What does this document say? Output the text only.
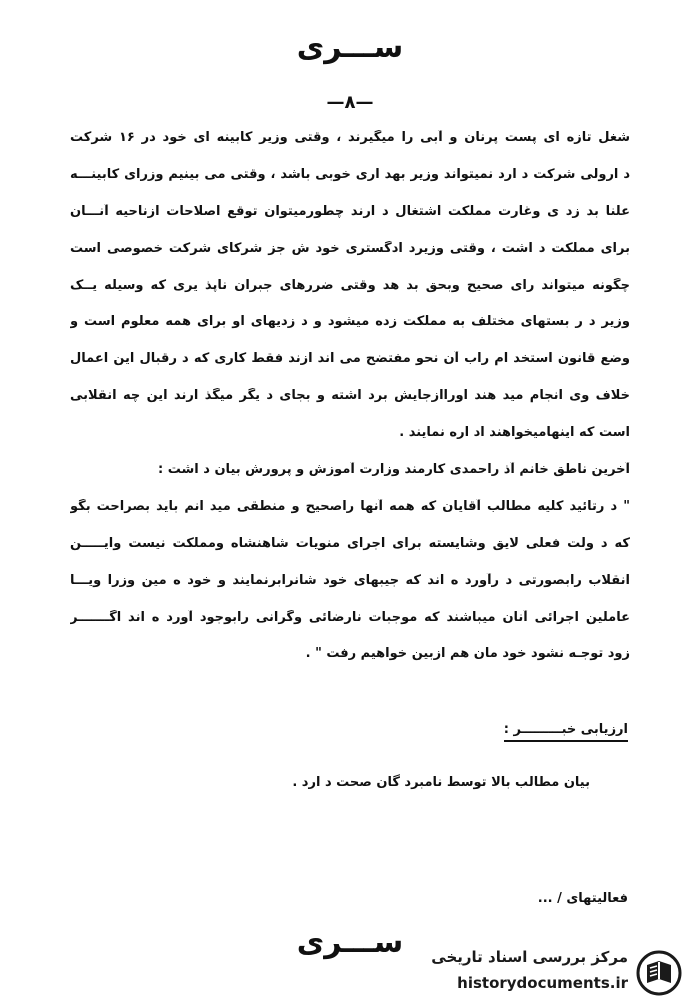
ســـری
—۸—
شغل تازه ای پست پرنان و آبی را میگیرند ، وقتی وزیر کابینه ای خود در ۱۶ شرکت
د ارولی شرکت د ارد نمیتواند وزیر بهد اری خوبی باشد ، وقتی می بینیم وزرای کابینـــه
علنا بد زد ی وغارت مملکت اشتغال د ارند چطورمیتوان توقع اصلاحات ازناحیه آنـــان
برای مملکت د اشت ، وقتی وزیرد ادگستری خود ش جز شرکای شرکت خصوصی است
چگونه میتواند رای صحیح وبحق بد هد وقتی ضررهای جبران ناپذ یری که وسیله یــک
وزیر د ر بستهای مختلف به مملکت زده میشود و د زدیهای او برای همه معلوم است و
وضع قانون استخد ام راب آن نحو مفتضح می اند ازند فقط کاری که د رقبال این اعمال
خلاف وی انجام مید هند اوراازجایش برد اشته و بجای د یگر میگذ ارند این چه انقلابی
است که اینهامیخواهند اد اره نمایند .
آخرین ناطق خانم آذ راحمدی کارمند وزارت آموزش و پرورش بیان د اشت :
" د رتائید کلیه مطالب آقایان که همه آنها راصحیح و منطقی مید انم باید بصراحت بگو
که د ولت فعلی لایق وشایسته برای اجرای منویات شاهنشاه ومملکت نیست وایـــــن
انقلاب رابصورتی د رآورد ه اند که جیبهای خود شانرابرنمایند و خود ه مین وزرا ویـــا
عاملین اجرائی آنان میباشند که موجبات نارضائی وگرانی رابوجود آورد ه اند اگـــــــر
زود توجـه نشود خود مان هم ازبین خواهیم رفت " .
ارزیابی خبـــــــــر :
بیان مطالب بالا توسط نامبرد گان صحت د ارد .
فعالیتهای / ...
ســـری	مرکز بررسی اسناد تاریخی
historydocuments.ir
